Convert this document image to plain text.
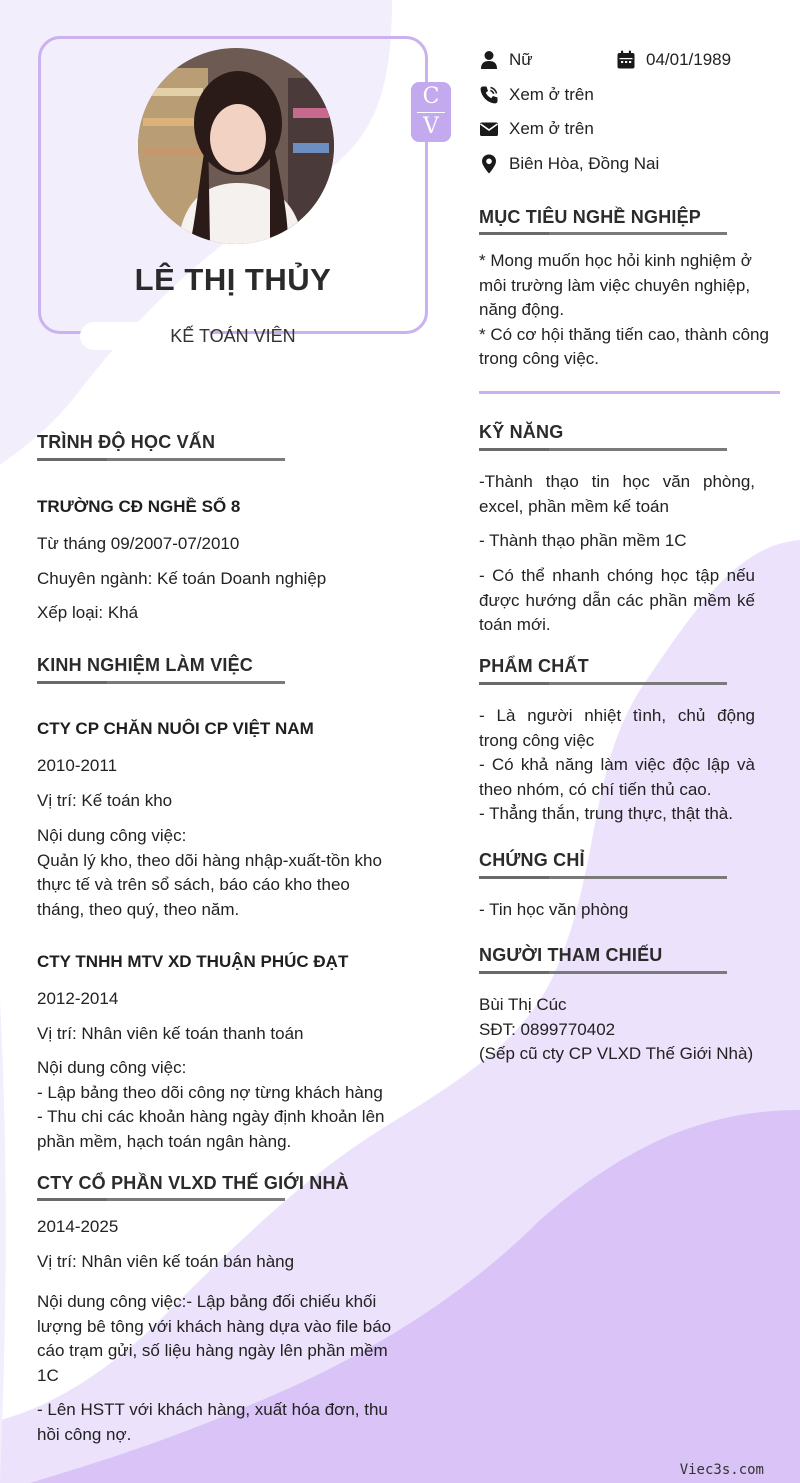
LÊ THỊ THỦY
KẾ TOÁN VIÊN
C
V
Nữ	04/01/1989
Xem ở trên
Xem ở trên
Biên Hòa, Đồng Nai
MỤC TIÊU NGHỀ NGHIỆP
* Mong muốn học hỏi kinh nghiệm ở
môi trường làm việc chuyên nghiệp,
năng động.
* Có cơ hội thăng tiến cao, thành công
trong công việc.
KỸ NĂNG
-Thành thạo tin học văn phòng, excel, phần mềm kế toán
- Thành thạo phần mềm 1C
- Có thể nhanh chóng học tập nếu được hướng dẫn các phần mềm kế toán mới.
PHẨM CHẤT
- Là người nhiệt tình, chủ động trong công việc
- Có khả năng làm việc độc lập và theo nhóm, có chí tiến thủ cao.
- Thẳng thắn, trung thực, thật thà.
CHỨNG CHỈ
- Tin học văn phòng
NGƯỜI THAM CHIẾU
Bùi Thị Cúc
SĐT: 0899770402
(Sếp cũ cty CP VLXD Thế Giới Nhà)
TRÌNH ĐỘ HỌC VẤN
TRƯỜNG CĐ NGHỀ SỐ 8
Từ tháng 09/2007-07/2010
Chuyên ngành: Kế toán Doanh nghiệp
Xếp loại: Khá
KINH NGHIỆM LÀM VIỆC
CTY CP CHĂN NUÔI CP VIỆT NAM
2010-2011
Vị trí: Kế toán kho
Nội dung công việc:
Quản lý kho, theo dõi hàng nhập-xuất-tồn kho
thực tế và trên sổ sách, báo cáo kho theo
tháng, theo quý, theo năm.
CTY TNHH MTV XD THUẬN PHÚC ĐẠT
2012-2014
Vị trí: Nhân viên kế toán thanh toán
Nội dung công việc:
- Lập bảng theo dõi công nợ từng khách hàng
- Thu chi các khoản hàng ngày định khoản lên
phần mềm, hạch toán ngân hàng.
CTY CỔ PHẦN VLXD THẾ GIỚI NHÀ
2014-2025
Vị trí: Nhân viên kế toán bán hàng
Nội dung công việc:- Lập bảng đối chiếu khối
lượng bê tông với khách hàng dựa vào file báo
cáo trạm gửi, số liệu hàng ngày lên phần mềm
1C
- Lên HSTT với khách hàng, xuất hóa đơn, thu
hồi công nợ.
Viec3s.com
